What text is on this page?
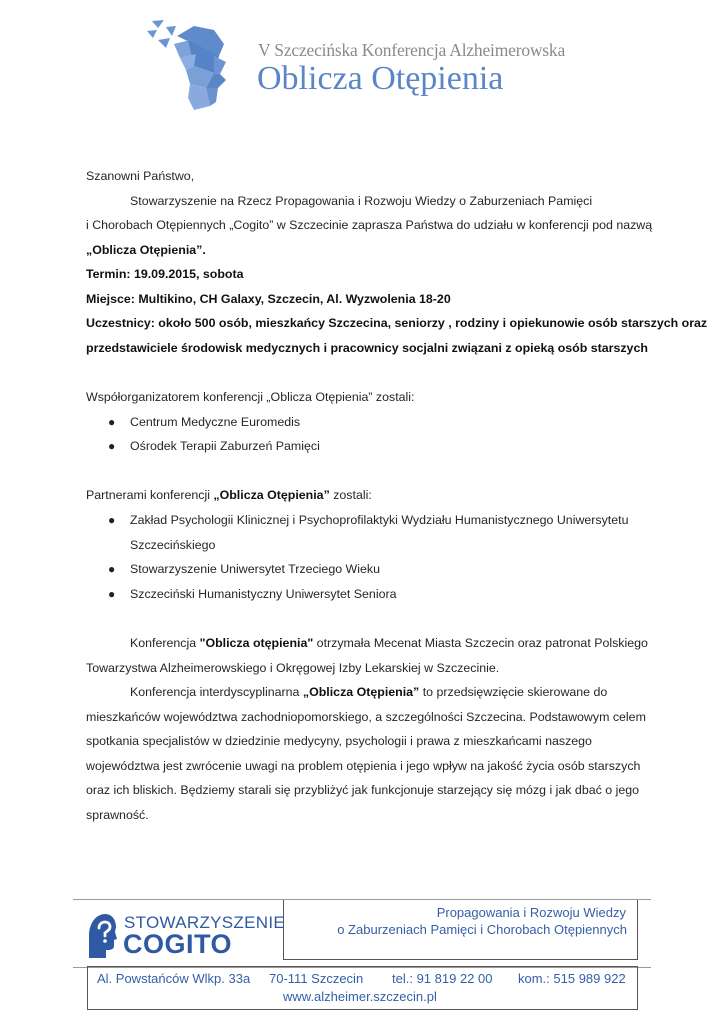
V Szczecińska Konferencja Alzheimerowska
Oblicza Otępienia
Szanowni Państwo,
Stowarzyszenie na Rzecz Propagowania i Rozwoju Wiedzy o Zaburzeniach Pamięci
i Chorobach Otępiennych „Cogito” w Szczecinie zaprasza Państwa do udziału w konferencji pod nazwą
„Oblicza Otępienia”.
Termin: 19.09.2015, sobota
Miejsce: Multikino, CH Galaxy, Szczecin, Al. Wyzwolenia 18-20
Uczestnicy: około 500 osób, mieszkańcy Szczecina, seniorzy , rodziny i opiekunowie osób starszych oraz
przedstawiciele środowisk medycznych i pracownicy socjalni związani z opieką osób starszych
Współorganizatorem konferencji „Oblicza Otępienia” zostali:
● Centrum Medyczne Euromedis
● Ośrodek Terapii Zaburzeń Pamięci
Partnerami konferencji „Oblicza Otępienia” zostali:
● Zakład Psychologii Klinicznej i Psychoprofilaktyki Wydziału Humanistycznego Uniwersytetu
Szczecińskiego
● Stowarzyszenie Uniwersytet Trzeciego Wieku
● Szczeciński Humanistyczny Uniwersytet Seniora
Konferencja "Oblicza otępienia" otrzymała Mecenat Miasta Szczecin oraz patronat Polskiego
Towarzystwa Alzheimerowskiego i Okręgowej Izby Lekarskiej w Szczecinie.
Konferencja interdyscyplinarna „Oblicza Otępienia” to przedsięwzięcie skierowane do
mieszkańców województwa zachodniopomorskiego, a szczególności Szczecina. Podstawowym celem
spotkania specjalistów w dziedzinie medycyny, psychologii i prawa z mieszkańcami naszego
województwa jest zwrócenie uwagi na problem otępienia i jego wpływ na jakość życia osób starszych
oraz ich bliskich. Będziemy starali się przybliżyć jak funkcjonuje starzejący się mózg i jak dbać o jego
sprawność.
STOWARZYSZENIE
COGITO
Propagowania i Rozwoju Wiedzy
o Zaburzeniach Pamięci i Chorobach Otępiennych
Al. Powstańców Wlkp. 33a 70-111 Szczecin tel.: 91 819 22 00 kom.: 515 989 922
www.alzheimer.szczecin.pl
